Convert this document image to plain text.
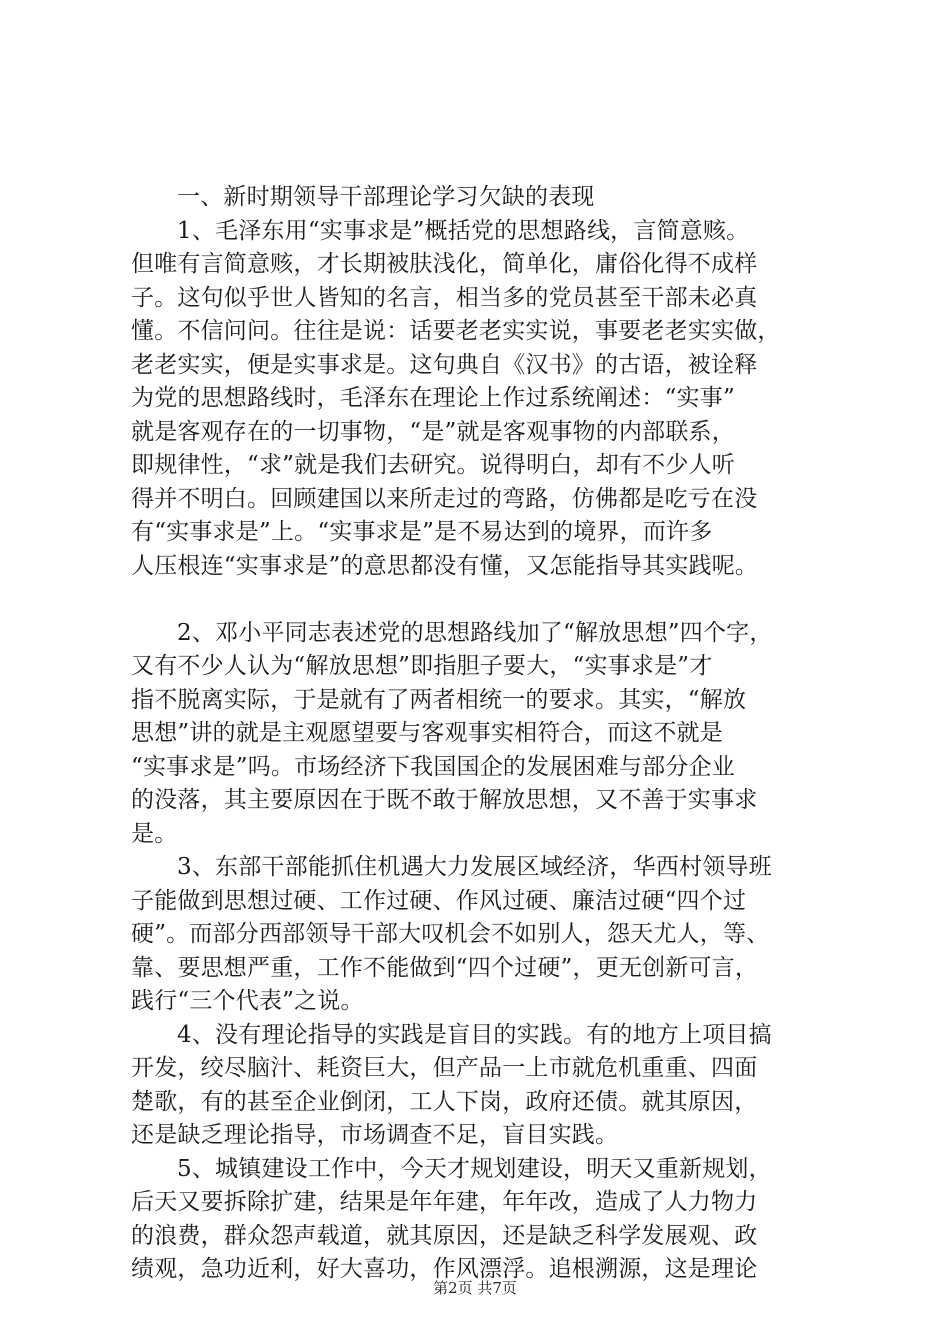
一、新时期领导干部理论学习欠缺的表现
1、毛泽东用“实事求是”概括党的思想路线，言简意赅。
但唯有言简意赅，才长期被肤浅化，简单化，庸俗化得不成样
子。这句似乎世人皆知的名言，相当多的党员甚至干部未必真
懂。不信问问。往往是说：话要老老实实说，事要老老实实做，
老老实实，便是实事求是。这句典自《汉书》的古语，被诠释
为党的思想路线时，毛泽东在理论上作过系统阐述：“实事”
就是客观存在的一切事物，“是”就是客观事物的内部联系，
即规律性，“求”就是我们去研究。说得明白，却有不少人听
得并不明白。回顾建国以来所走过的弯路，仿佛都是吃亏在没
有“实事求是”上。“实事求是”是不易达到的境界，而许多
人压根连“实事求是”的意思都没有懂，又怎能指导其实践呢。
2、邓小平同志表述党的思想路线加了“解放思想”四个字，
又有不少人认为“解放思想”即指胆子要大，“实事求是”才
指不脱离实际，于是就有了两者相统一的要求。其实，“解放
思想”讲的就是主观愿望要与客观事实相符合，而这不就是
“实事求是”吗。市场经济下我国国企的发展困难与部分企业
的没落，其主要原因在于既不敢于解放思想，又不善于实事求
是。
3、东部干部能抓住机遇大力发展区域经济，华西村领导班
子能做到思想过硬、工作过硬、作风过硬、廉洁过硬“四个过
硬”。而部分西部领导干部大叹机会不如别人，怨天尤人，等、
靠、要思想严重，工作不能做到“四个过硬”，更无创新可言，
践行“三个代表”之说。
4、没有理论指导的实践是盲目的实践。有的地方上项目搞
开发，绞尽脑汁、耗资巨大，但产品一上市就危机重重、四面
楚歌，有的甚至企业倒闭，工人下岗，政府还债。就其原因，
还是缺乏理论指导，市场调查不足，盲目实践。
5、城镇建设工作中，今天才规划建设，明天又重新规划，
后天又要拆除扩建，结果是年年建，年年改，造成了人力物力
的浪费，群众怨声载道，就其原因，还是缺乏科学发展观、政
绩观，急功近利，好大喜功，作风漂浮。追根溯源，这是理论
第2页 共7页
